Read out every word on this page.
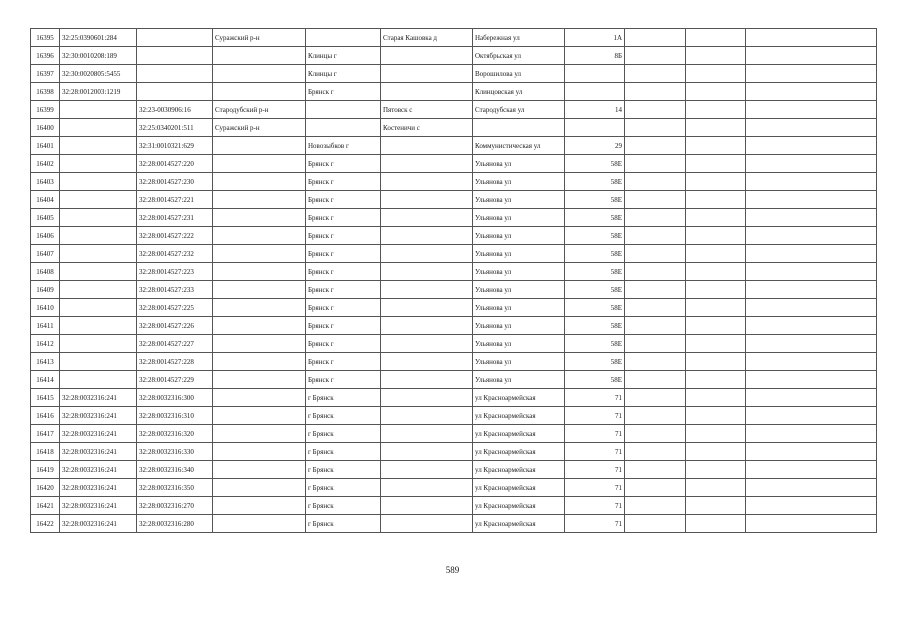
16395	32:25:0390601:284		Суражский р-н		Старая Кашовка д	Набережная ул	1А			
16396	32:30:0010208:189			Клинцы г		Октябрьская ул	8Б			
16397	32:30:0020805:5455			Клинцы г		Ворошилова ул				
16398	32:28:0012003:1219			Брянск г		Клинцовская ул				
16399		32:23-0030906:16	Стародубский р-н		Пятовск с	Стародубская ул	14			
16400		32:25:0340201:511	Суражский р-н		Костеничи с					
16401		32:31:0010321:629		Новозыбков г		Коммунистическая ул	29			
16402		32:28:0014527:220		Брянск г		Ульянова ул	58Е			
16403		32:28:0014527:230		Брянск г		Ульянова ул	58Е			
16404		32:28:0014527:221		Брянск г		Ульянова ул	58Е			
16405		32:28:0014527:231		Брянск г		Ульянова ул	58Е			
16406		32:28:0014527:222		Брянск г		Ульянова ул	58Е			
16407		32:28:0014527:232		Брянск г		Ульянова ул	58Е			
16408		32:28:0014527:223		Брянск г		Ульянова ул	58Е			
16409		32:28:0014527:233		Брянск г		Ульянова ул	58Е			
16410		32:28:0014527:225		Брянск г		Ульянова ул	58Е			
16411		32:28:0014527:226		Брянск г		Ульянова ул	58Е			
16412		32:28:0014527:227		Брянск г		Ульянова ул	58Е			
16413		32:28:0014527:228		Брянск г		Ульянова ул	58Е			
16414		32:28:0014527:229		Брянск г		Ульянова ул	58Е			
16415	32:28:0032316:241	32:28:0032316:300		г Брянск		ул Красноармейская	71			
16416	32:28:0032316:241	32:28:0032316:310		г Брянск		ул Красноармейская	71			
16417	32:28:0032316:241	32:28:0032316:320		г Брянск		ул Красноармейская	71			
16418	32:28:0032316:241	32:28:0032316:330		г Брянск		ул Красноармейская	71			
16419	32:28:0032316:241	32:28:0032316:340		г Брянск		ул Красноармейская	71			
16420	32:28:0032316:241	32:28:0032316:350		г Брянск		ул Красноармейская	71			
16421	32:28:0032316:241	32:28:0032316:270		г Брянск		ул Красноармейская	71			
16422	32:28:0032316:241	32:28:0032316:280		г Брянск		ул Красноармейская	71			
589
